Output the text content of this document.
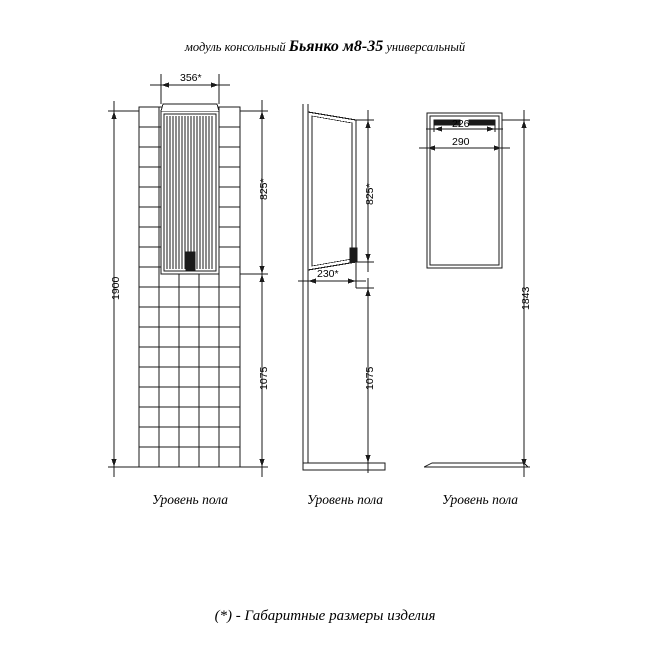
модуль консольный Бьянко м8-35 универсальный
356*
825*
1900
1075
825*
230*
1075
226
290
1843
Уровень пола	Уровень пола	Уровень пола
(*) - Габаритные размеры изделия
